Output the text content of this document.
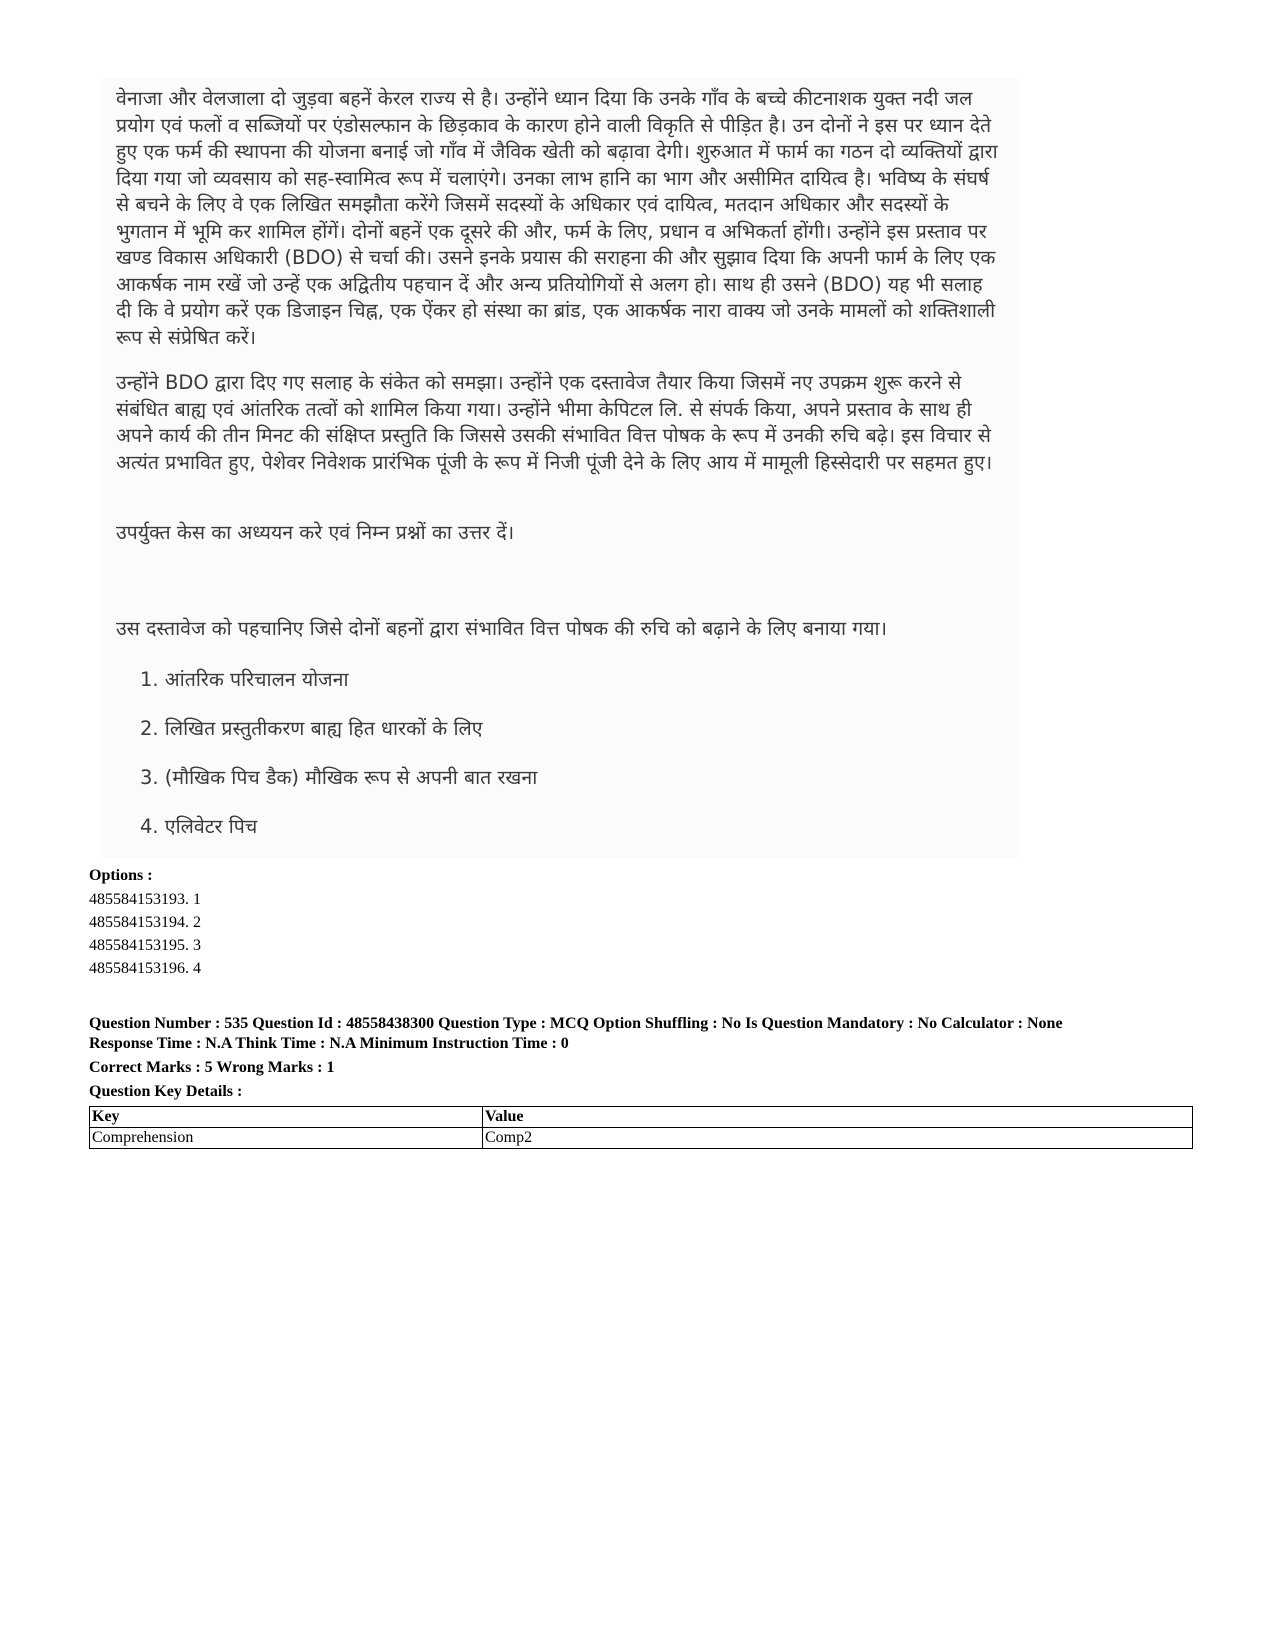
वेनाजा और वेलजाला दो जुड़वा बहनें केरल राज्य से है। उन्होंने ध्यान दिया कि उनके गाँव के बच्चे कीटनाशक युक्त नदी जल प्रयोग एवं फलों व सब्जियों पर एंडोसल्फान के छिड़काव के कारण होने वाली विकृति से पीड़ित है। उन दोनों ने इस पर ध्यान देते हुए एक फर्म की स्थापना की योजना बनाई जो गाँव में जैविक खेती को बढ़ावा देगी। शुरुआत में फार्म का गठन दो व्यक्तियों द्वारा दिया गया जो व्यवसाय को सह-स्वामित्व रूप में चलाएंगे। उनका लाभ हानि का भाग और असीमित दायित्व है। भविष्य के संघर्ष से बचने के लिए वे एक लिखित समझौता करेंगे जिसमें सदस्यों के अधिकार एवं दायित्व, मतदान अधिकार और सदस्यों के भुगतान में भूमि कर शामिल होंगें। दोनों बहनें एक दूसरे की और, फर्म के लिए, प्रधान व अभिकर्ता होंगी। उन्होंने इस प्रस्ताव पर खण्ड विकास अधिकारी (BDO) से चर्चा की। उसने इनके प्रयास की सराहना की और सुझाव दिया कि अपनी फार्म के लिए एक आकर्षक नाम रखें जो उन्हें एक अद्वितीय पहचान दें और अन्य प्रतियोगियों से अलग हो। साथ ही उसने (BDO) यह भी सलाह दी कि वे प्रयोग करें एक डिजाइन चिह्न, एक ऐंकर हो संस्था का ब्रांड, एक आकर्षक नारा वाक्य जो उनके मामलों को शक्तिशाली रूप से संप्रेषित करें।

उन्होंने BDO द्वारा दिए गए सलाह के संकेत को समझा। उन्होंने एक दस्तावेज तैयार किया जिसमें नए उपक्रम शुरू करने से संबंधित बाह्य एवं आंतरिक तत्वों को शामिल किया गया। उन्होंने भीमा केपिटल लि. से संपर्क किया, अपने प्रस्ताव के साथ ही अपने कार्य की तीन मिनट की संक्षिप्त प्रस्तुति कि जिससे उसकी संभावित वित्त पोषक के रूप में उनकी रुचि बढ़े। इस विचार से अत्यंत प्रभावित हुए, पेशेवर निवेशक प्रारंभिक पूंजी के रूप में निजी पूंजी देने के लिए आय में मामूली हिस्सेदारी पर सहमत हुए।

उपर्युक्त केस का अध्ययन करे एवं निम्न प्रश्नों का उत्तर दें।

उस दस्तावेज को पहचानिए जिसे दोनों बहनों द्वारा संभावित वित्त पोषक की रुचि को बढ़ाने के लिए बनाया गया।

1. आंतरिक परिचालन योजना
2. लिखित प्रस्तुतीकरण बाह्य हित धारकों के लिए
3. (मौखिक पिच डैक) मौखिक रूप से अपनी बात रखना
4. एलिवेटर पिच
Options :
485584153193. 1
485584153194. 2
485584153195. 3
485584153196. 4
Question Number : 535 Question Id : 48558438300 Question Type : MCQ Option Shuffling : No Is Question Mandatory : No Calculator : None
Response Time : N.A Think Time : N.A Minimum Instruction Time : 0
Correct Marks : 5 Wrong Marks : 1
Question Key Details :
Key	Value
Comprehension	Comp2
